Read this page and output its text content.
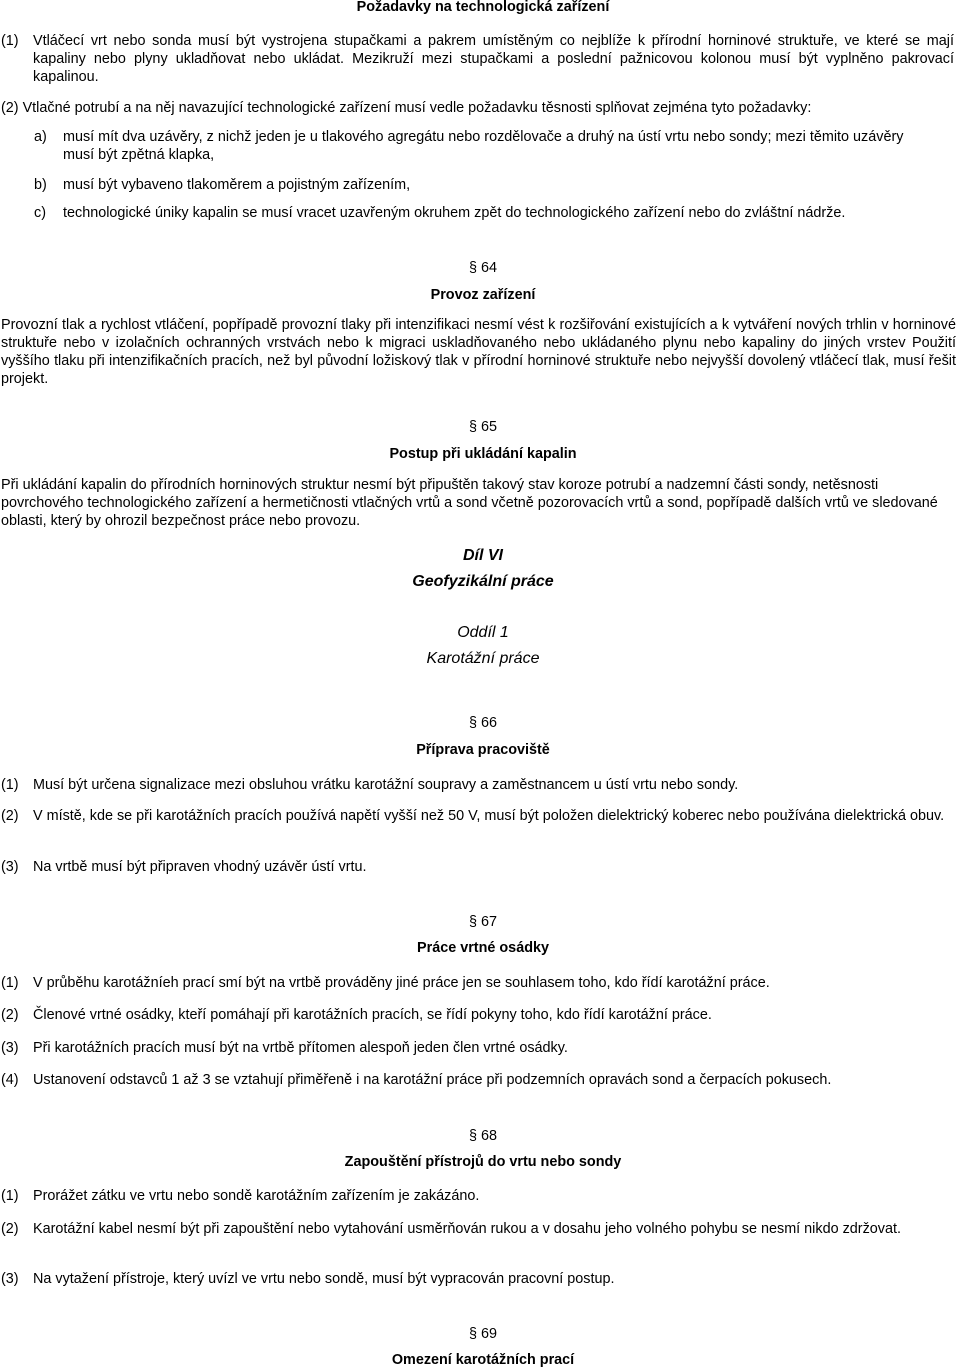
Požadavky na technologická zařízení
(1) Vtláčecí vrt nebo sonda musí být vystrojena stupačkami a pakrem umístěným co nejblíže k přírodní horninové struktuře, ve které se mají kapaliny nebo plyny ukladňovat nebo ukládat. Mezikruží mezi stupačkami a poslední pažnicovou kolonou musí být vyplněno pakrovací kapalinou.
(2) Vtlačné potrubí a na něj navazující technologické zařízení musí vedle požadavku těsnosti splňovat zejména tyto požadavky:
a) musí mít dva uzávěry, z nichž jeden je u tlakového agregátu nebo rozdělovače a druhý na ústí vrtu nebo sondy; mezi těmito uzávěry musí být zpětná klapka,
b) musí být vybaveno tlakoměrem a pojistným zařízením,
c) technologické úniky kapalin se musí vracet uzavřeným okruhem zpět do technologického zařízení nebo do zvláštní nádrže.
§ 64
Provoz zařízení
Provozní tlak a rychlost vtláčení, popřípadě provozní tlaky při intenzifikaci nesmí vést k rozšiřování existujících a k vytváření nových trhlin v horninové struktuře nebo v izolačních ochranných vrstvách nebo k migraci uskladňovaného nebo ukládaného plynu nebo kapaliny do jiných vrstev Použití vyššího tlaku při intenzifikačních pracích, než byl původní ložiskový tlak v přírodní horninové struktuře nebo nejvyšší dovolený vtláčecí tlak, musí řešit projekt.
§ 65
Postup při ukládání kapalin
Při ukládání kapalin do přírodních horninových struktur nesmí být připuštěn takový stav koroze potrubí a nadzemní části sondy, netěsnosti povrchového technologického zařízení a hermetičnosti vtlačných vrtů a sond včetně pozorovacích vrtů a sond, popřípadě dalších vrtů ve sledované oblasti, který by ohrozil bezpečnost práce nebo provozu.
Díl VI
Geofyzikální práce
Oddíl 1
Karotážní práce
§ 66
Příprava pracoviště
(1) Musí být určena signalizace mezi obsluhou vrátku karotážní soupravy a zaměstnancem u ústí vrtu nebo sondy.
(2) V místě, kde se při karotážních pracích používá napětí vyšší než 50 V, musí být položen dielektrický koberec nebo používána dielektrická obuv.
(3) Na vrtbě musí být připraven vhodný uzávěr ústí vrtu.
§ 67
Práce vrtné osádky
(1) V průběhu karotážníeh prací smí být na vrtbě prováděny jiné práce jen se souhlasem toho, kdo řídí karotážní práce.
(2) Členové vrtné osádky, kteří pomáhají při karotážních pracích, se řídí pokyny toho, kdo řídí karotážní práce.
(3) Při karotážních pracích musí být na vrtbě přítomen alespoň jeden člen vrtné osádky.
(4) Ustanovení odstavců 1 až 3 se vztahují přiměřeně i na karotážní práce při podzemních opravách sond a čerpacích pokusech.
§ 68
Zapouštění přístrojů do vrtu nebo sondy
(1) Prorážet zátku ve vrtu nebo sondě karotážním zařízením je zakázáno.
(2) Karotážní kabel nesmí být při zapouštění nebo vytahování usměrňován rukou a v dosahu jeho volného pohybu se nesmí nikdo zdržovat.
(3) Na vytažení přístroje, který uvízl ve vrtu nebo sondě, musí být vypracován pracovní postup.
§ 69
Omezení karotážních prací
